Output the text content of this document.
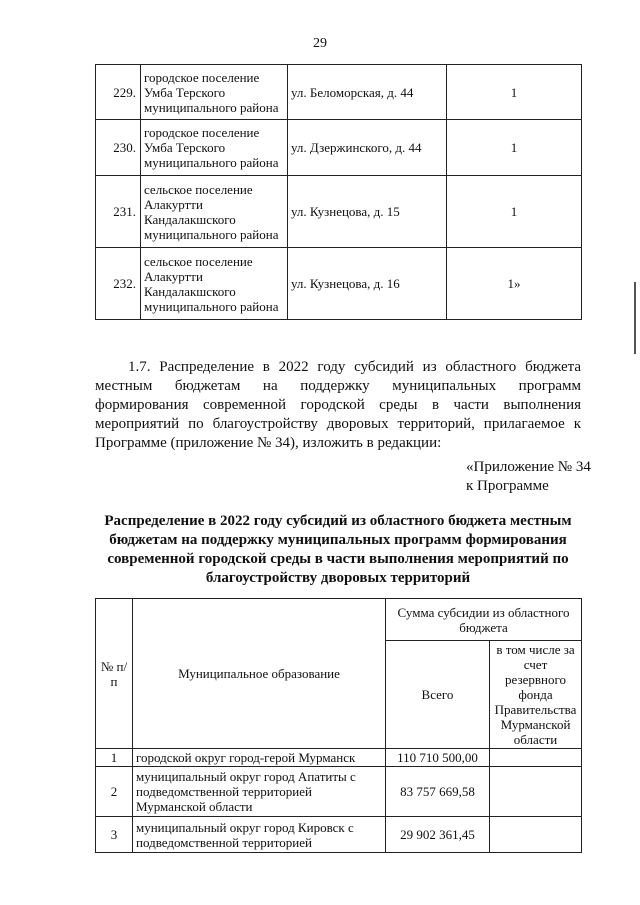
29
229.	городское поселение Умба Терского муниципального района	ул. Беломорская, д. 44	1
230.	городское поселение Умба Терского муниципального района	ул. Дзержинского, д. 44	1
231.	сельское поселение Алакуртти Кандалакшского муниципального района	ул. Кузнецова, д. 15	1
232.	сельское поселение Алакуртти Кандалакшского муниципального района	ул. Кузнецова, д. 16	1»
1.7. Распределение в 2022 году субсидий из областного бюджета местным бюджетам на поддержку муниципальных программ формирования современной городской среды в части выполнения мероприятий по благоустройству дворовых территорий, прилагаемое к Программе (приложение № 34), изложить в редакции:
«Приложение № 34
к Программе
Распределение в 2022 году субсидий из областного бюджета местным бюджетам на поддержку муниципальных программ формирования современной городской среды в части выполнения мероприятий по благоустройству дворовых территорий
№ п/п	Муниципальное образование	Сумма субсидии из областного бюджета	
		Всего	в том числе за счет резервного фонда Правительства Мурманской области
1	городской округ город-герой Мурманск	110 710 500,00	
2	муниципальный округ город Апатиты с подведомственной территорией Мурманской области	83 757 669,58	
3	муниципальный округ город Кировск с подведомственной территорией	29 902 361,45	
